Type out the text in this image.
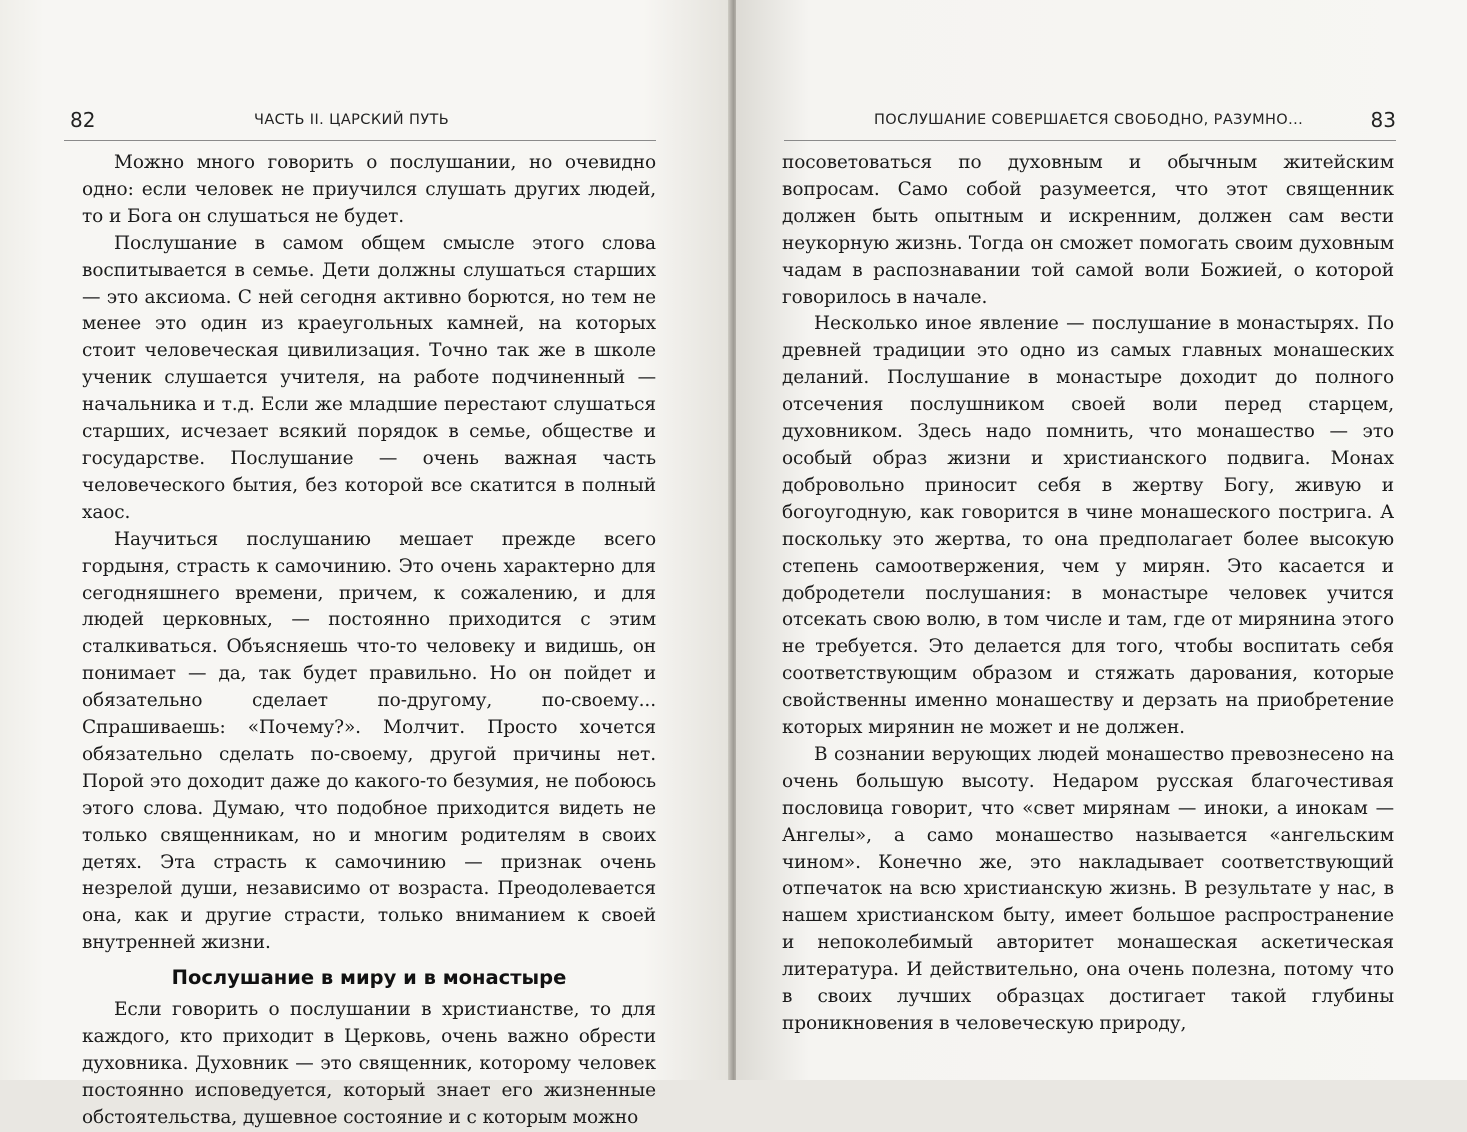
82	ЧАСТЬ II. ЦАРСКИЙ ПУТЬ

Можно много говорить о послушании, но очевидно одно: если человек не приучился слушать других людей, то и Бога он слушаться не будет.

Послушание в самом общем смысле этого слова воспитывается в семье. Дети должны слушаться старших — это аксиома. С ней сегодня активно борются, но тем не менее это один из краеугольных камней, на которых стоит человеческая цивилизация. Точно так же в школе ученик слушается учителя, на работе подчиненный — начальника и т.д. Если же младшие перестают слушаться старших, исчезает всякий порядок в семье, обществе и государстве. Послушание — очень важная часть человеческого бытия, без которой все скатится в полный хаос.

Научиться послушанию мешает прежде всего гордыня, страсть к самочинию. Это очень характерно для сегодняшнего времени, причем, к сожалению, и для людей церковных, — постоянно приходится с этим сталкиваться. Объясняешь что-то человеку и видишь, он понимает — да, так будет правильно. Но он пойдет и обязательно сделает по-другому, по-своему... Спрашиваешь: «Почему?». Молчит. Просто хочется обязательно сделать по-своему, другой причины нет. Порой это доходит даже до какого-то безумия, не побоюсь этого слова. Думаю, что подобное приходится видеть не только священникам, но и многим родителям в своих детях. Эта страсть к самочинию — признак очень незрелой души, независимо от возраста. Преодолевается она, как и другие страсти, только вниманием к своей внутренней жизни.

Послушание в миру и в монастыре

Если говорить о послушании в христианстве, то для каждого, кто приходит в Церковь, очень важно обрести духовника. Духовник — это священник, которому человек постоянно исповедуется, который знает его жизненные обстоятельства, душевное состояние и с которым можно

ПОСЛУШАНИЕ СОВЕРШАЕТСЯ СВОБОДНО, РАЗУМНО...	83

посоветоваться по духовным и обычным житейским вопросам. Само собой разумеется, что этот священник должен быть опытным и искренним, должен сам вести неукорную жизнь. Тогда он сможет помогать своим духовным чадам в распознавании той самой воли Божией, о которой говорилось в начале.

Несколько иное явление — послушание в монастырях. По древней традиции это одно из самых главных монашеских деланий. Послушание в монастыре доходит до полного отсечения послушником своей воли перед старцем, духовником. Здесь надо помнить, что монашество — это особый образ жизни и христианского подвига. Монах добровольно приносит себя в жертву Богу, живую и богоугодную, как говорится в чине монашеского пострига. А поскольку это жертва, то она предполагает более высокую степень самоотвержения, чем у мирян. Это касается и добродетели послушания: в монастыре человек учится отсекать свою волю, в том числе и там, где от мирянина этого не требуется. Это делается для того, чтобы воспитать себя соответствующим образом и стяжать дарования, которые свойственны именно монашеству и дерзать на приобретение которых мирянин не может и не должен.

В сознании верующих людей монашество превознесено на очень большую высоту. Недаром русская благочестивая пословица говорит, что «свет мирянам — иноки, а инокам — Ангелы», а само монашество называется «ангельским чином». Конечно же, это накладывает соответствующий отпечаток на всю христианскую жизнь. В результате у нас, в нашем христианском быту, имеет большое распространение и непоколебимый авторитет монашеская аскетическая литература. И действительно, она очень полезна, потому что в своих лучших образцах достигает такой глубины проникновения в человеческую природу,
